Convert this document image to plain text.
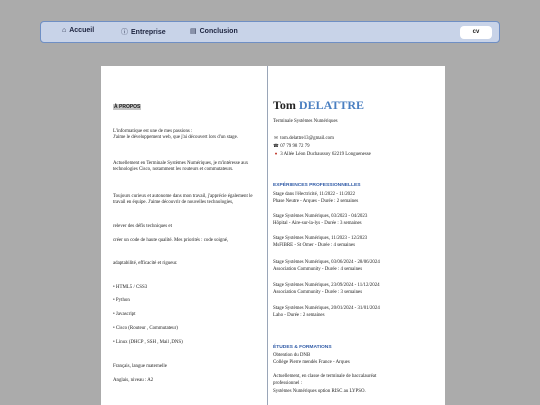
⌂ Accueil	ⓘ Entreprise	▤ Conclusion	cv
À PROPOS

L'informatique est une de mes passions :

J'aime le développement web, que j'ai découvert lors d'un stage.

Actuellement en Terminale Systèmes Numériques, je m'intéresse aux technologies Cisco, notamment les routeurs et commutateurs.

Toujours curieux et autonome dans mon travail, j'apprécie également le travail en équipe. J'aime découvrir de nouvelles technologies,

relever des défis techniques et

créer un code de haute qualité. Mes priorités : code soigné,

adaptabilité, efficacité et rigueur.

• HTML5 / CSS3

• Python

• Javascript

• Cisco (Routeur , Commutateur)

• Linux (DHCP , SSH , Mail ,DNS)

Français, langue maternelle

Anglais, niveau : A2

Tom DELATTRE
Terminale Systèmes Numériques
✉ tom.delattre13@gmail.com
☎ 07 79 98 72 79
● 3 Allée Léon Duchaussoy 62219 Longuenesse
EXPÉRIENCES PROFESSIONNELLES
Stage dans l'électricité, 11/2022 - 11/2022
Phase Neutre - Arques - Durée : 2 semaines
Stage Systèmes Numériques, 03/2023 - 04/2023
Hôpital - Aire-sur-la-lys - Durée : 3 semaines
Stage Systèmes Numériques, 11/2023 - 12/2023
MsFIBRE - St Omer - Durée : 4 semaines
Stage Systèmes Numériques, 03/06/2024 - 28/06/2024
Association Community - Durée : 4 semaines
Stage Systèmes Numériques, 23/09/2024 - 11/12/2024
Association Community - Durée : 3 semaines
Stage Systèmes Numériques, 20/01/2024 - 31/01/2024
Laho - Durée : 2 semaines
ÉTUDES & FORMATIONS
Obtention du DNB
Collège Pierre mendès France - Arques
Actuellement, en classe de terminale de baccalauréat
professionnel :
Systèmes Numériques option RISC au LYPSO.
